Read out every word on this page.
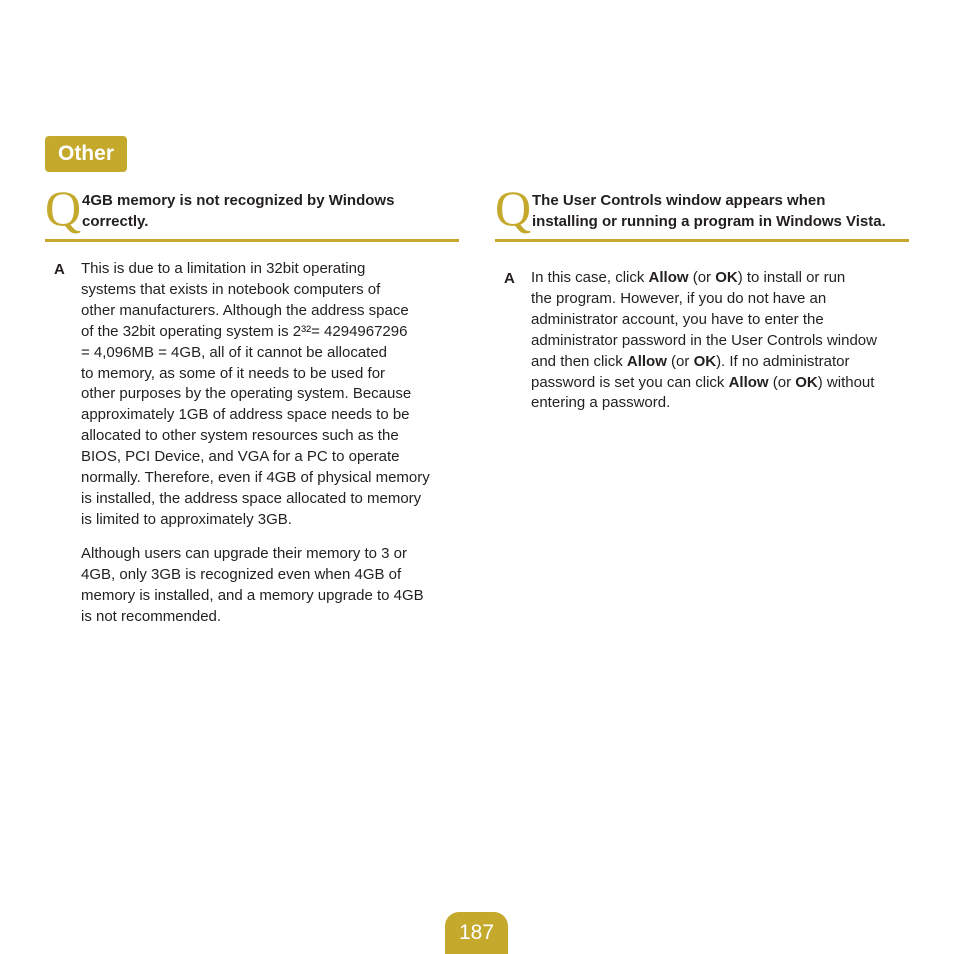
Other
Q 4GB memory is not recognized by Windows
correctly.
A This is due to a limitation in 32bit operating
systems that exists in notebook computers of
other manufacturers. Although the address space
of the 32bit operating system is 2³²= 4294967296
= 4,096MB = 4GB, all of it cannot be allocated
to memory, as some of it needs to be used for
other purposes by the operating system. Because
approximately 1GB of address space needs to be
allocated to other system resources such as the
BIOS, PCI Device, and VGA for a PC to operate
normally. Therefore, even if 4GB of physical memory
is installed, the address space allocated to memory
is limited to approximately 3GB.
Although users can upgrade their memory to 3 or
4GB, only 3GB is recognized even when 4GB of
memory is installed, and a memory upgrade to 4GB
is not recommended.
Q The User Controls window appears when
installing or running a program in Windows Vista.
A In this case, click Allow (or OK) to install or run
the program. However, if you do not have an
administrator account, you have to enter the
administrator password in the User Controls window
and then click Allow (or OK). If no administrator
password is set you can click Allow (or OK) without
entering a password.
187
